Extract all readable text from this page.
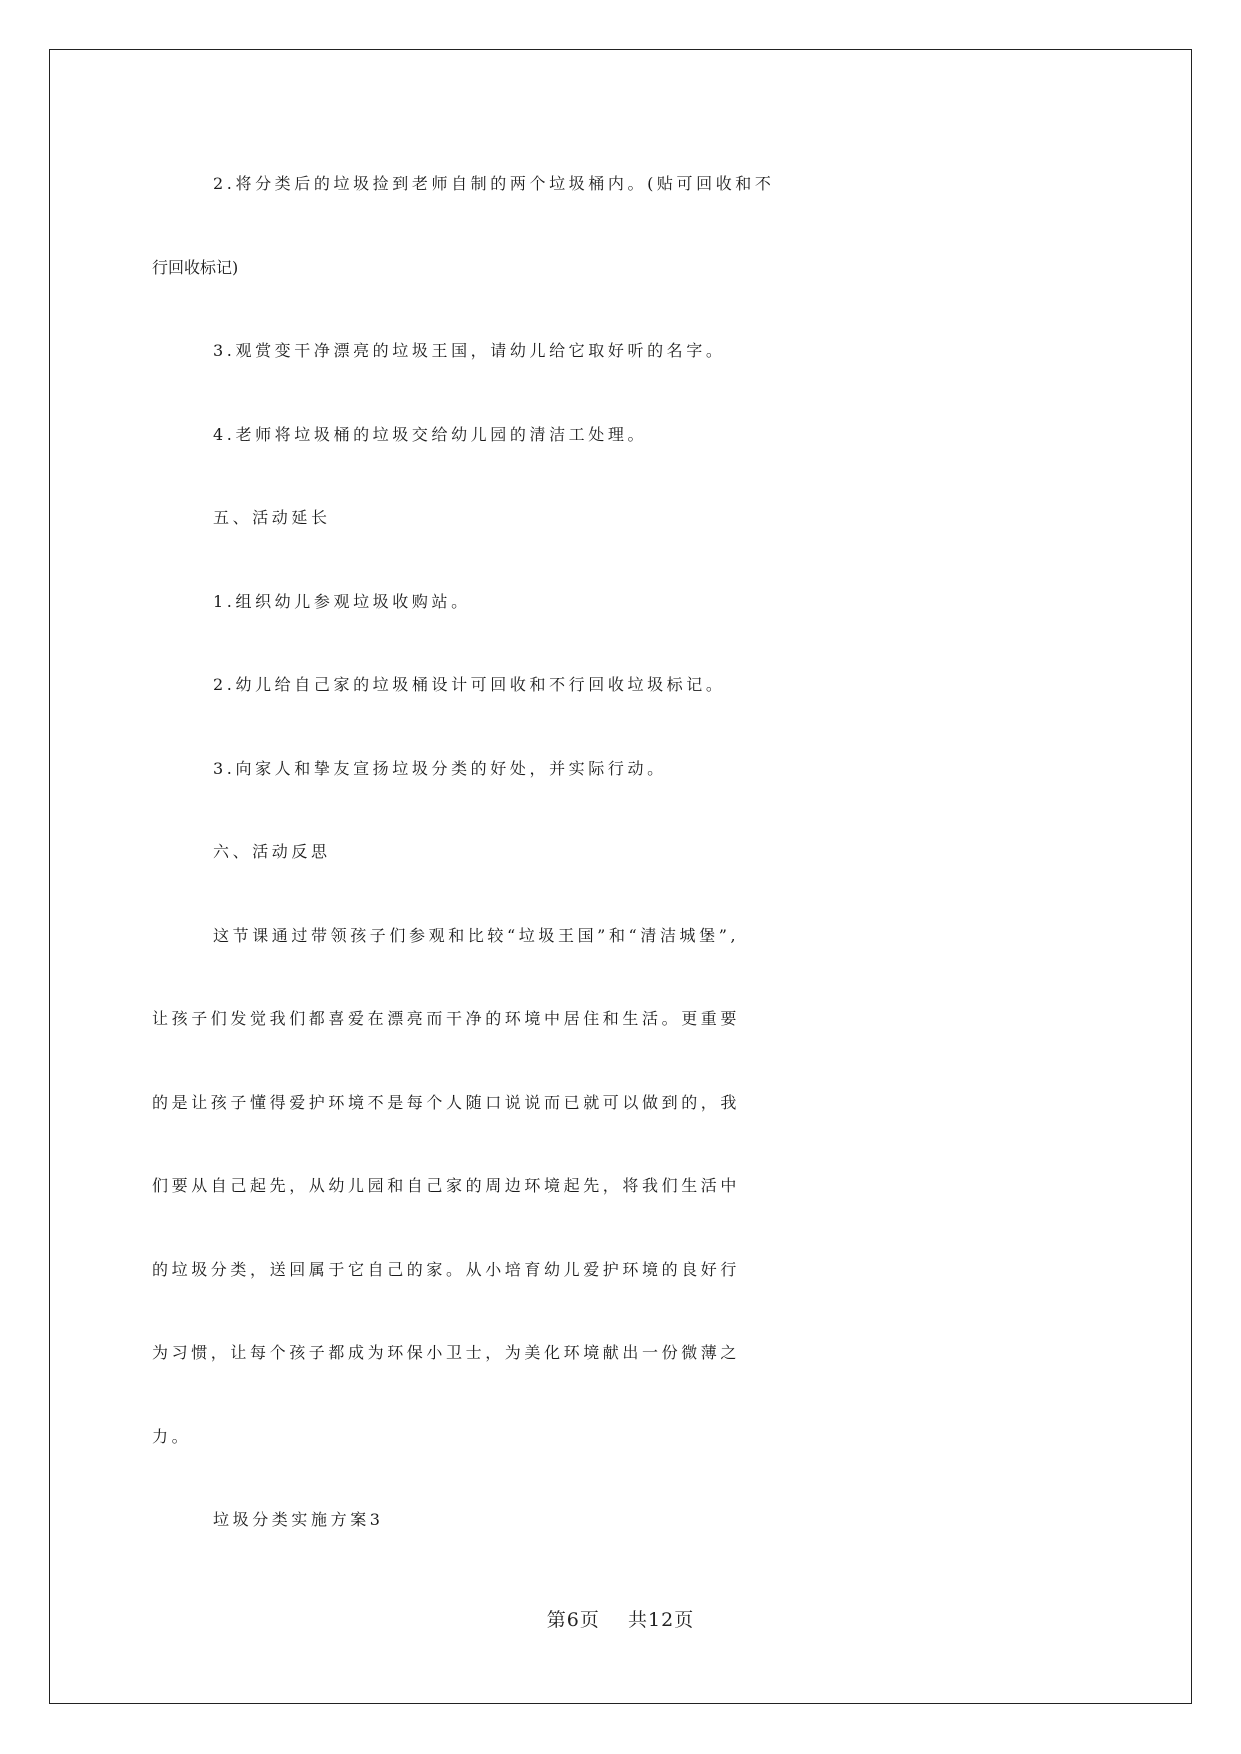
2.将分类后的垃圾捡到老师自制的两个垃圾桶内。(贴可回收和不
行回收标记)
3.观赏变干净漂亮的垃圾王国，请幼儿给它取好听的名字。
4.老师将垃圾桶的垃圾交给幼儿园的清洁工处理。
五、活动延长
1.组织幼儿参观垃圾收购站。
2.幼儿给自己家的垃圾桶设计可回收和不行回收垃圾标记。
3.向家人和挚友宣扬垃圾分类的好处，并实际行动。
六、活动反思
这节课通过带领孩子们参观和比较“垃圾王国”和“清洁城堡”,
让孩子们发觉我们都喜爱在漂亮而干净的环境中居住和生活。更重要
的是让孩子懂得爱护环境不是每个人随口说说而已就可以做到的，我
们要从自己起先，从幼儿园和自己家的周边环境起先，将我们生活中
的垃圾分类，送回属于它自己的家。从小培育幼儿爱护环境的良好行
为习惯，让每个孩子都成为环保小卫士，为美化环境献出一份微薄之
力。
垃圾分类实施方案3
第6页 共12页
